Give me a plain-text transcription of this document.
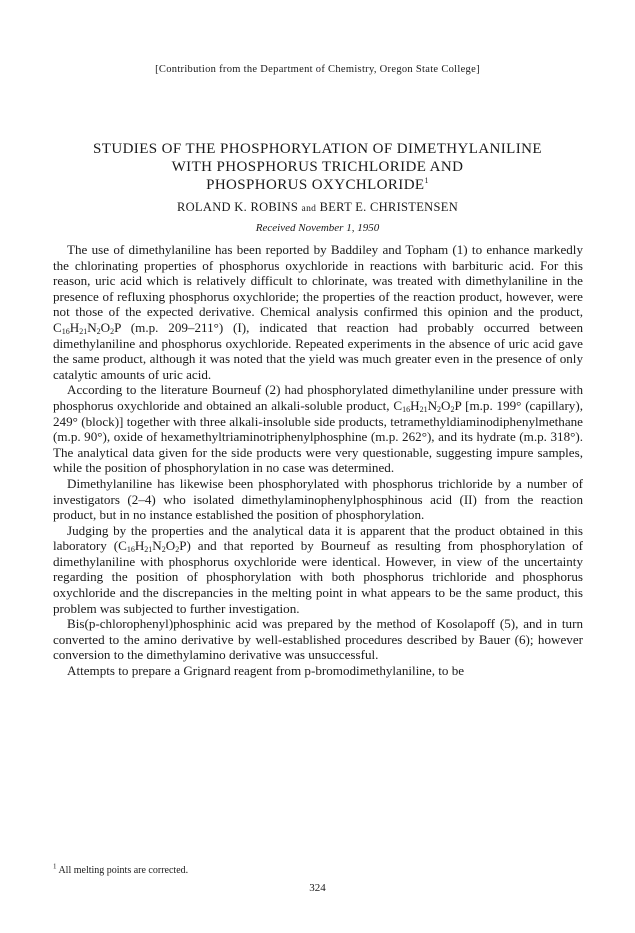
[Contribution from the Department of Chemistry, Oregon State College]
STUDIES OF THE PHOSPHORYLATION OF DIMETHYLANILINE
WITH PHOSPHORUS TRICHLORIDE AND
PHOSPHORUS OXYCHLORIDE$^1$
ROLAND K. ROBINS and BERT E. CHRISTENSEN
Received November 1, 1950

The use of dimethylaniline has been reported by Baddiley and Topham (1) to enhance markedly the chlorinating properties of phosphorus oxychloride in reactions with barbituric acid. For this reason, uric acid which is relatively difficult to chlorinate, was treated with dimethylaniline in the presence of refluxing phosphorus oxychloride; the properties of the reaction product, however, were not those of the expected derivative. Chemical analysis confirmed this opinion and the product, $C_{16}H_{21}N_2O_2P$ (m.p. 209–211°) (I), indicated that reaction had probably occurred between dimethylaniline and phosphorus oxychloride. Repeated experiments in the absence of uric acid gave the same product, although it was noted that the yield was much greater even in the presence of only catalytic amounts of uric acid.

According to the literature Bourneuf (2) had phosphorylated dimethylaniline under pressure with phosphorus oxychloride and obtained an alkali-soluble product, $C_{16}H_{21}N_2O_2P$ [m.p. 199° (capillary), 249° (block)] together with three alkali-insoluble side products, tetramethyldiaminodiphenylmethane (m.p. 90°), oxide of hexamethyltriaminotriphenylphosphine (m.p. 262°), and its hydrate (m.p. 318°). The analytical data given for the side products were very questionable, suggesting impure samples, while the position of phosphorylation in no case was determined.

Dimethylaniline has likewise been phosphorylated with phosphorus trichloride by a number of investigators (2–4) who isolated dimethylaminophenylphosphinous acid (II) from the reaction product, but in no instance established the position of phosphorylation.

Judging by the properties and the analytical data it is apparent that the product obtained in this laboratory $(C_{16}H_{21}N_2O_2P)$ and that reported by Bourneuf as resulting from phosphorylation of dimethylaniline with phosphorus oxychloride were identical. However, in view of the uncertainty regarding the position of phosphorylation with both phosphorus trichloride and phosphorus oxychloride and the discrepancies in the melting point in what appears to be the same product, this problem was subjected to further investigation.

Bis(p-chlorophenyl)phosphinic acid was prepared by the method of Kosolapoff (5), and in turn converted to the amino derivative by well-established procedures described by Bauer (6); however conversion to the dimethylamino derivative was unsuccessful.

Attempts to prepare a Grignard reagent from p-bromodimethylaniline, to be

$^1$ All melting points are corrected.
324
